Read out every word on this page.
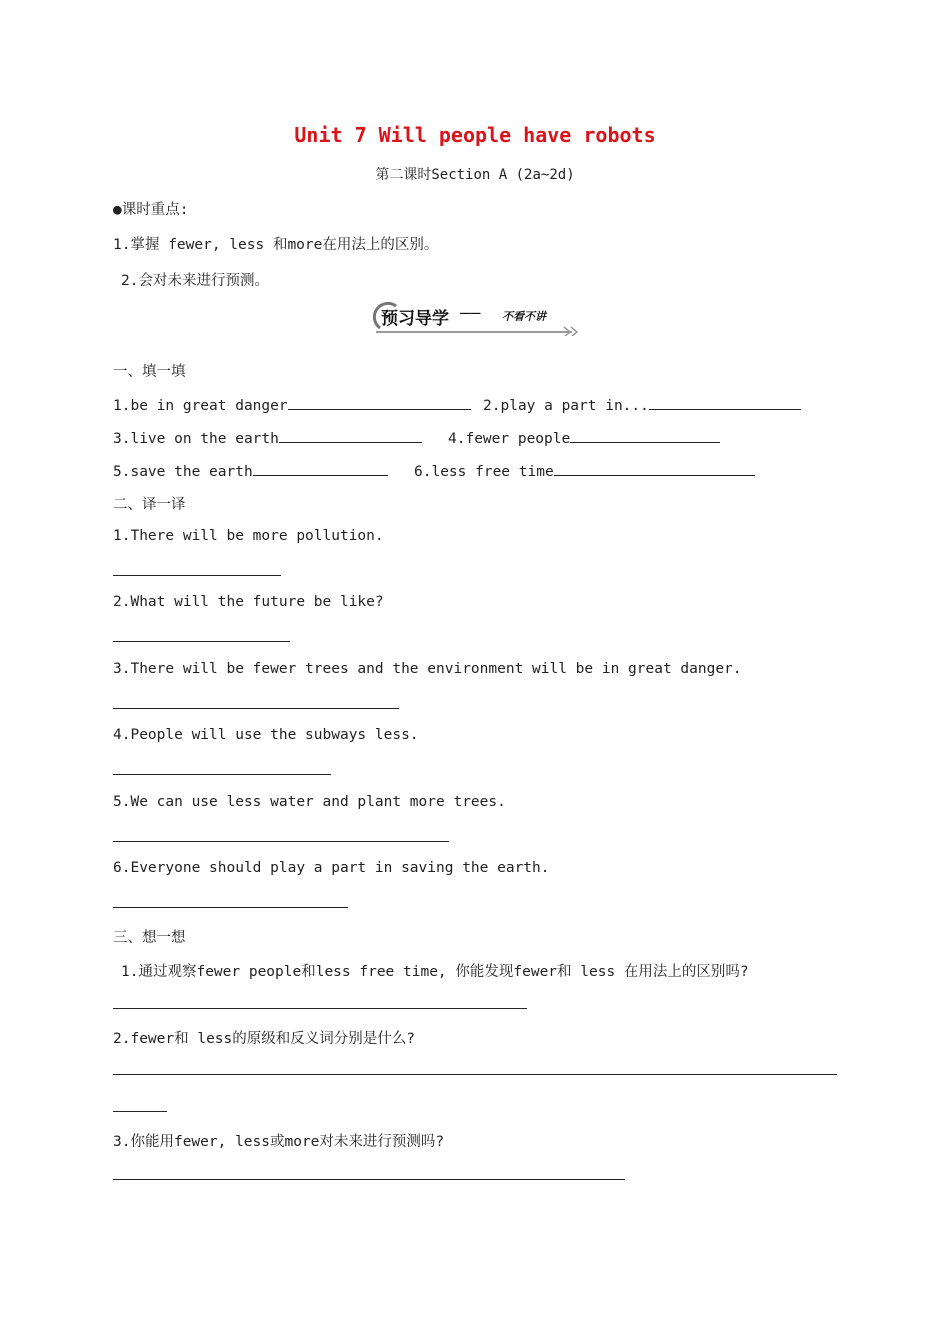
Unit 7 Will people have robots
第二课时Section A (2a~2d)
●课时重点:
1.掌握 fewer, less 和more在用法上的区别。
2.会对未来进行预测。
预习导学 —— 不看不讲
一、填一填
1.be in great danger	2.play a part in...
3.live on the earth	4.fewer people
5.save the earth	6.less free time
二、译一译
1.There will be more pollution.
2.What will the future be like?
3.There will be fewer trees and the environment will be in great danger.
4.People will use the subways less.
5.We can use less water and plant more trees.
6.Everyone should play a part in saving the earth.
三、想一想
1.通过观察fewer people和less free time, 你能发现fewer和 less 在用法上的区别吗?
2.fewer和 less的原级和反义词分别是什么?
3.你能用fewer, less或more对未来进行预测吗?
